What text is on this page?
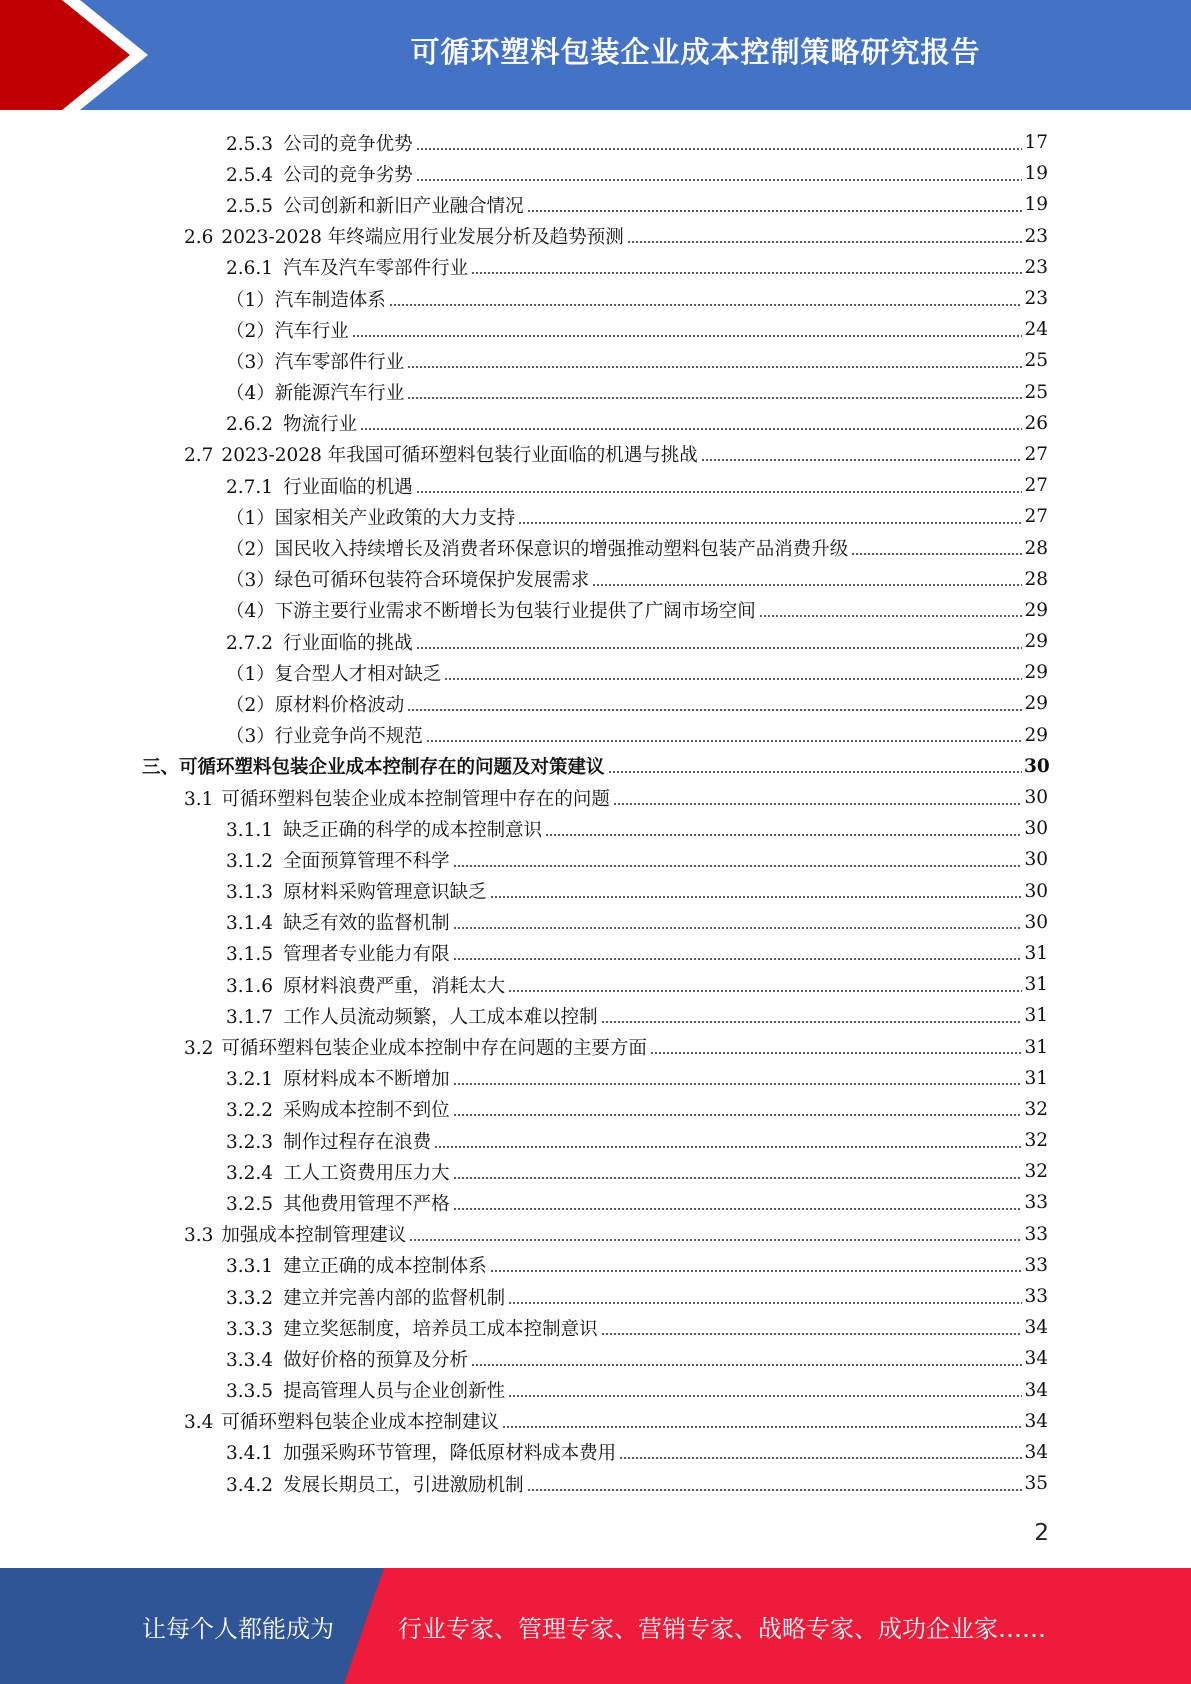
可循环塑料包装企业成本控制策略研究报告
2.5.3 公司的竞争优势	17
2.5.4 公司的竞争劣势	19
2.5.5 公司创新和新旧产业融合情况	19
2.6 2023-2028 年终端应用行业发展分析及趋势预测	23
2.6.1 汽车及汽车零部件行业	23
（1）汽车制造体系	23
（2）汽车行业	24
（3）汽车零部件行业	25
（4）新能源汽车行业	25
2.6.2 物流行业	26
2.7 2023-2028 年我国可循环塑料包装行业面临的机遇与挑战	27
2.7.1 行业面临的机遇	27
（1）国家相关产业政策的大力支持	27
（2）国民收入持续增长及消费者环保意识的增强推动塑料包装产品消费升级	28
（3）绿色可循环包装符合环境保护发展需求	28
（4）下游主要行业需求不断增长为包装行业提供了广阔市场空间	29
2.7.2 行业面临的挑战	29
（1）复合型人才相对缺乏	29
（2）原材料价格波动	29
（3）行业竞争尚不规范	29
三、可循环塑料包装企业成本控制存在的问题及对策建议	30
3.1 可循环塑料包装企业成本控制管理中存在的问题	30
3.1.1 缺乏正确的科学的成本控制意识	30
3.1.2 全面预算管理不科学	30
3.1.3 原材料采购管理意识缺乏	30
3.1.4 缺乏有效的监督机制	30
3.1.5 管理者专业能力有限	31
3.1.6 原材料浪费严重，消耗太大	31
3.1.7 工作人员流动频繁，人工成本难以控制	31
3.2 可循环塑料包装企业成本控制中存在问题的主要方面	31
3.2.1 原材料成本不断增加	31
3.2.2 采购成本控制不到位	32
3.2.3 制作过程存在浪费	32
3.2.4 工人工资费用压力大	32
3.2.5 其他费用管理不严格	33
3.3 加强成本控制管理建议	33
3.3.1 建立正确的成本控制体系	33
3.3.2 建立并完善内部的监督机制	33
3.3.3 建立奖惩制度，培养员工成本控制意识	34
3.3.4 做好价格的预算及分析	34
3.3.5 提高管理人员与企业创新性	34
3.4 可循环塑料包装企业成本控制建议	34
3.4.1 加强采购环节管理，降低原材料成本费用	34
3.4.2 发展长期员工，引进激励机制	35
2
让每个人都能成为	行业专家、管理专家、营销专家、战略专家、成功企业家……
